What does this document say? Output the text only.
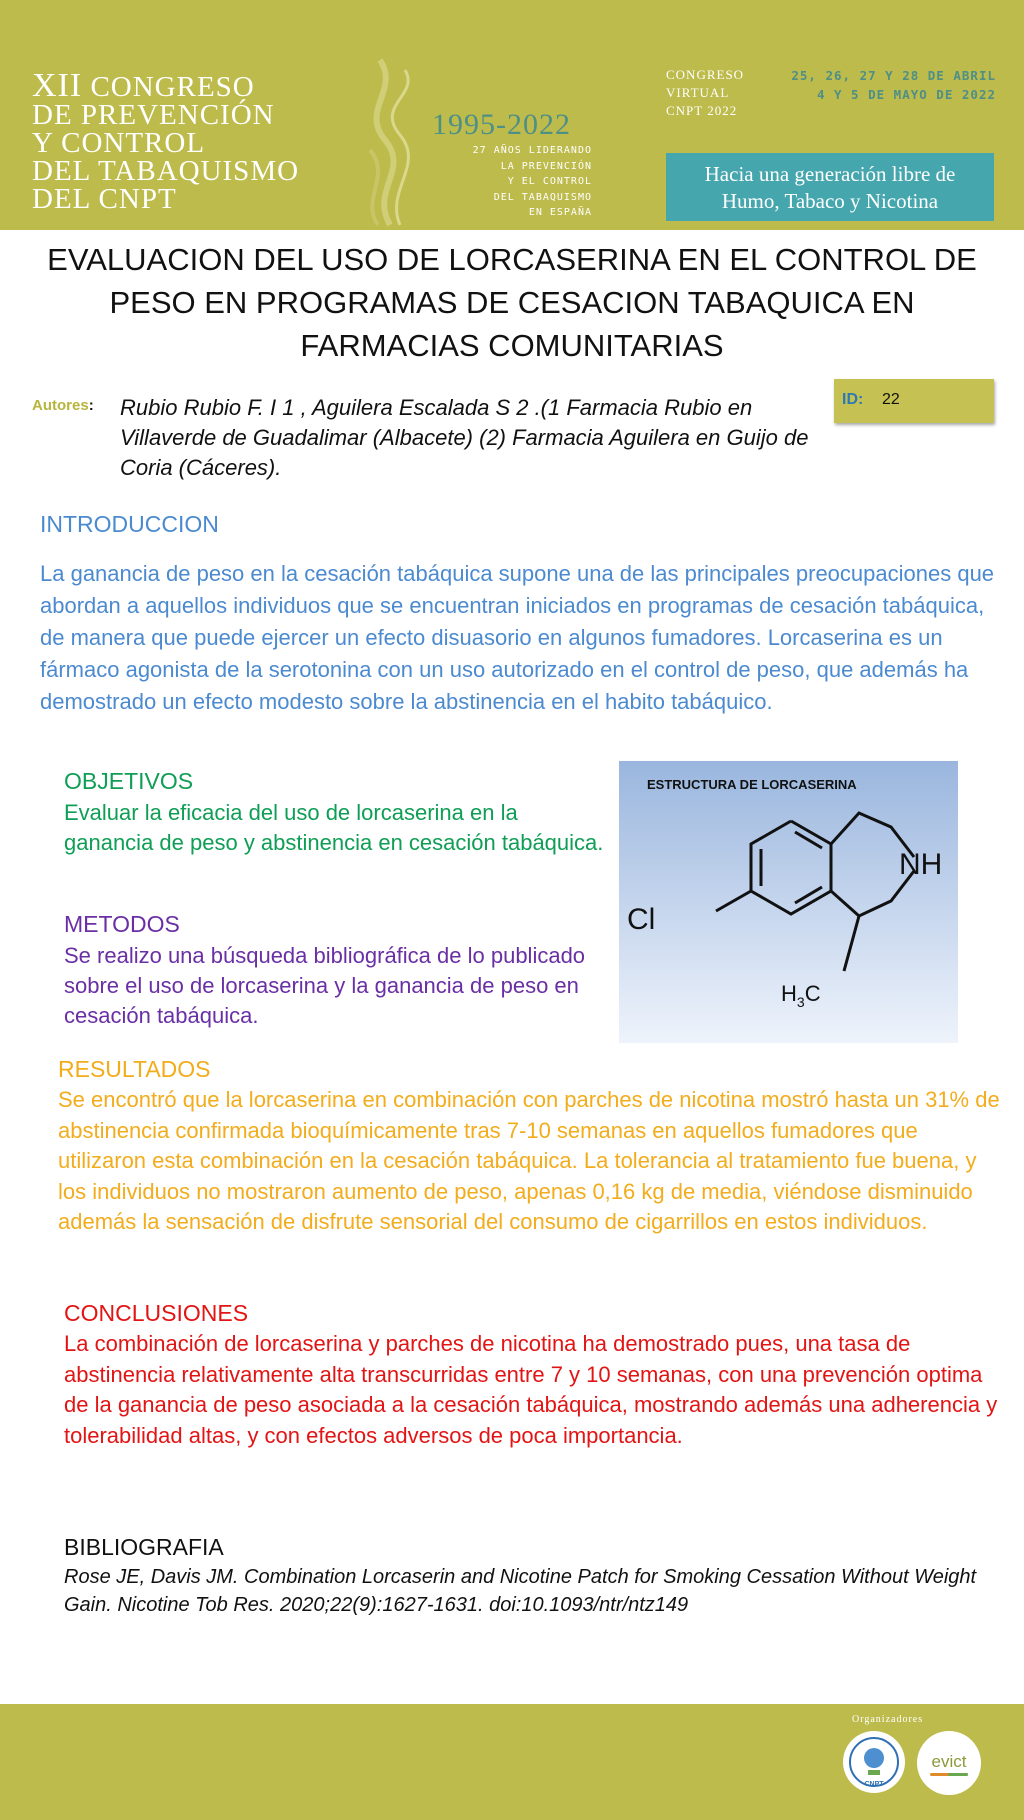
XII CONGRESO
DE PREVENCIÓN
Y CONTROL
DEL TABAQUISMO
DEL CNPT
1995-2022
27 AÑOS LIDERANDO
LA PREVENCIÓN
Y EL CONTROL
DEL TABAQUISMO
EN ESPAÑA
CONGRESO
VIRTUAL
CNPT 2022
25, 26, 27 Y 28 DE ABRIL
4 Y 5 DE MAYO DE 2022
Hacia una generación libre de
Humo, Tabaco y Nicotina
EVALUACION DEL USO DE LORCASERINA EN EL CONTROL DE PESO EN PROGRAMAS DE CESACION TABAQUICA EN FARMACIAS COMUNITARIAS
Autores: Rubio Rubio F. I 1 , Aguilera Escalada S 2 .(1 Farmacia Rubio en Villaverde de Guadalimar (Albacete) (2) Farmacia Aguilera en Guijo de Coria (Cáceres).
ID: 22
INTRODUCCION
La ganancia de peso en la cesación tabáquica supone una de las principales preocupaciones que abordan a aquellos individuos que se encuentran iniciados en programas de cesación tabáquica, de manera que puede ejercer un efecto disuasorio en algunos fumadores. Lorcaserina es un fármaco agonista de la serotonina con un uso autorizado en el control de peso, que además ha demostrado un efecto modesto sobre la abstinencia en el habito tabáquico.
OBJETIVOS
Evaluar la eficacia del uso de lorcaserina en la ganancia de peso y abstinencia en cesación tabáquica.
METODOS
Se realizo una búsqueda bibliográfica de lo publicado sobre el uso de lorcaserina y la ganancia de peso en cesación tabáquica.
ESTRUCTURA DE LORCASERINA
Cl
NH
$H_3C$
RESULTADOS
Se encontró que la lorcaserina en combinación con parches de nicotina mostró hasta un 31% de abstinencia confirmada bioquímicamente tras 7-10 semanas en aquellos fumadores que utilizaron esta combinación en la cesación tabáquica. La tolerancia al tratamiento fue buena, y los individuos no mostraron aumento de peso, apenas 0,16 kg de media, viéndose disminuido además la sensación de disfrute sensorial del consumo de cigarrillos en estos individuos.
CONCLUSIONES
La combinación de lorcaserina y parches de nicotina ha demostrado pues, una tasa de abstinencia relativamente alta transcurridas entre 7 y 10 semanas, con una prevención optima de la ganancia de peso asociada a la cesación tabáquica, mostrando además una adherencia y tolerabilidad altas, y con efectos adversos de poca importancia.
BIBLIOGRAFIA
Rose JE, Davis JM. Combination Lorcaserin and Nicotine Patch for Smoking Cessation Without Weight Gain. Nicotine Tob Res. 2020;22(9):1627-1631. doi:10.1093/ntr/ntz149
Organizadores
CNPT
evict
